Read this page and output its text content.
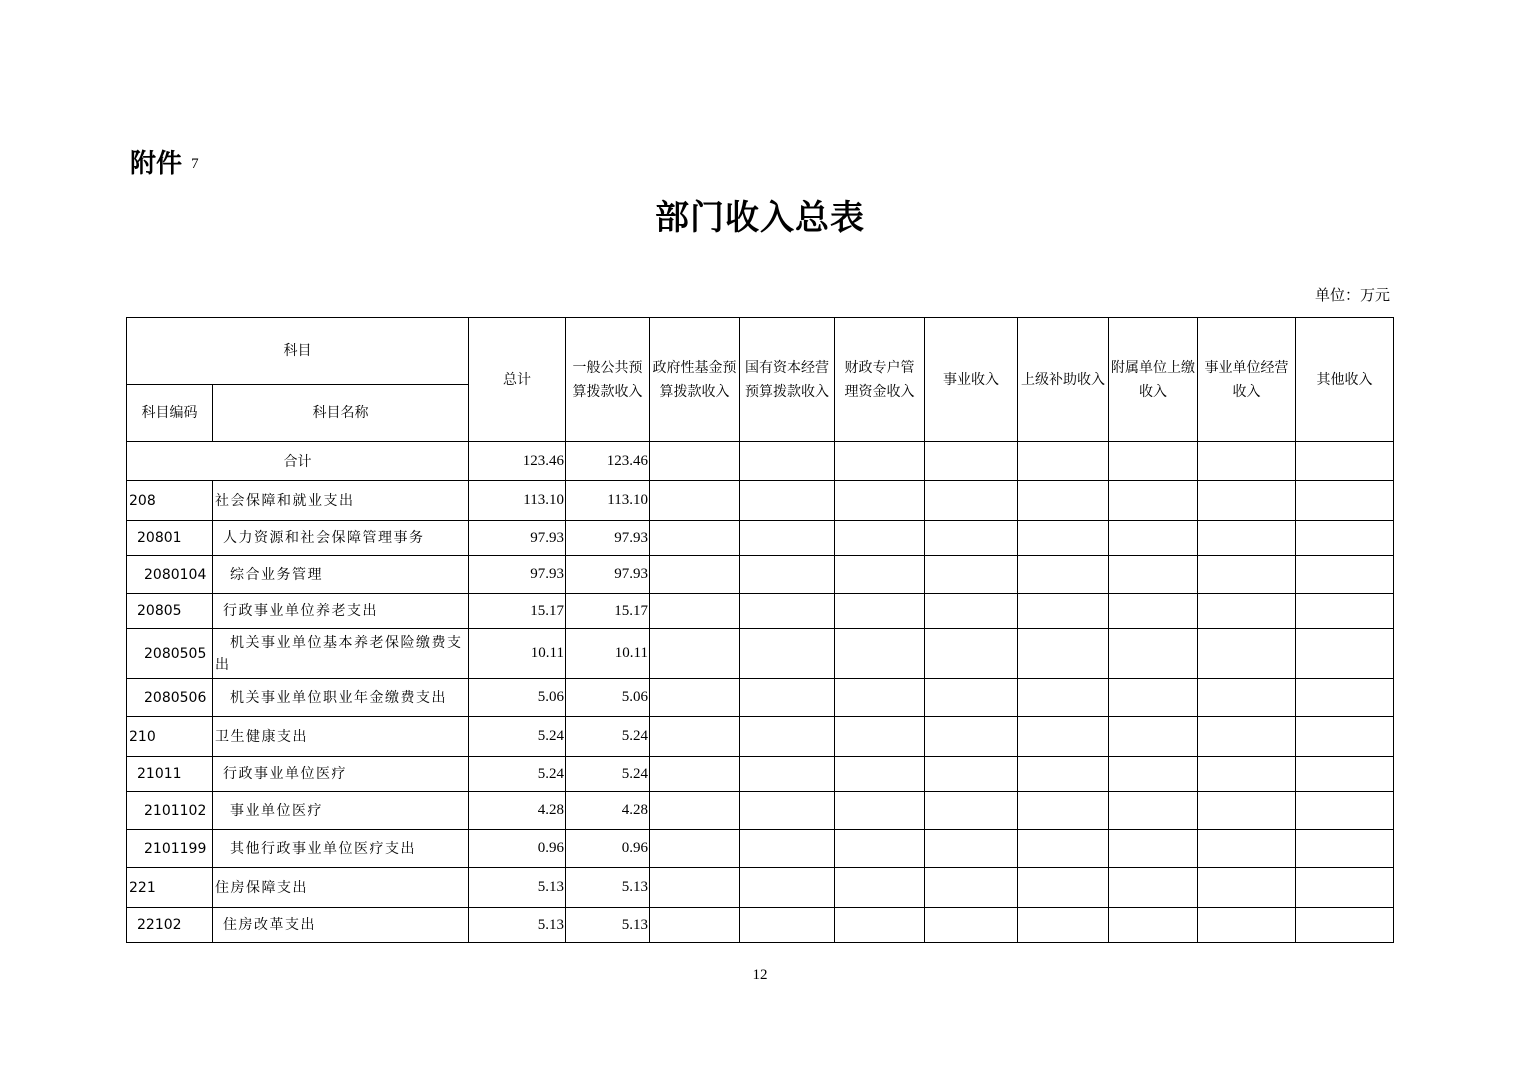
附件 7
部门收入总表
单位：万元
科目		总计	一般公共预算拨款收入	政府性基金预算拨款收入	国有资本经营预算拨款收入	财政专户管理资金收入	事业收入	上级补助收入	附属单位上缴收入	事业单位经营收入	其他收入
科目编码	科目名称										
合计		123.46	123.46								
208	社会保障和就业支出	113.10	113.10								
20801	人力资源和社会保障管理事务	97.93	97.93								
2080104	综合业务管理	97.93	97.93								
20805	行政事业单位养老支出	15.17	15.17								
2080505	机关事业单位基本养老保险缴费支出	10.11	10.11								
2080506	机关事业单位职业年金缴费支出	5.06	5.06								
210	卫生健康支出	5.24	5.24								
21011	行政事业单位医疗	5.24	5.24								
2101102	事业单位医疗	4.28	4.28								
2101199	其他行政事业单位医疗支出	0.96	0.96								
221	住房保障支出	5.13	5.13								
22102	住房改革支出	5.13	5.13								
12
